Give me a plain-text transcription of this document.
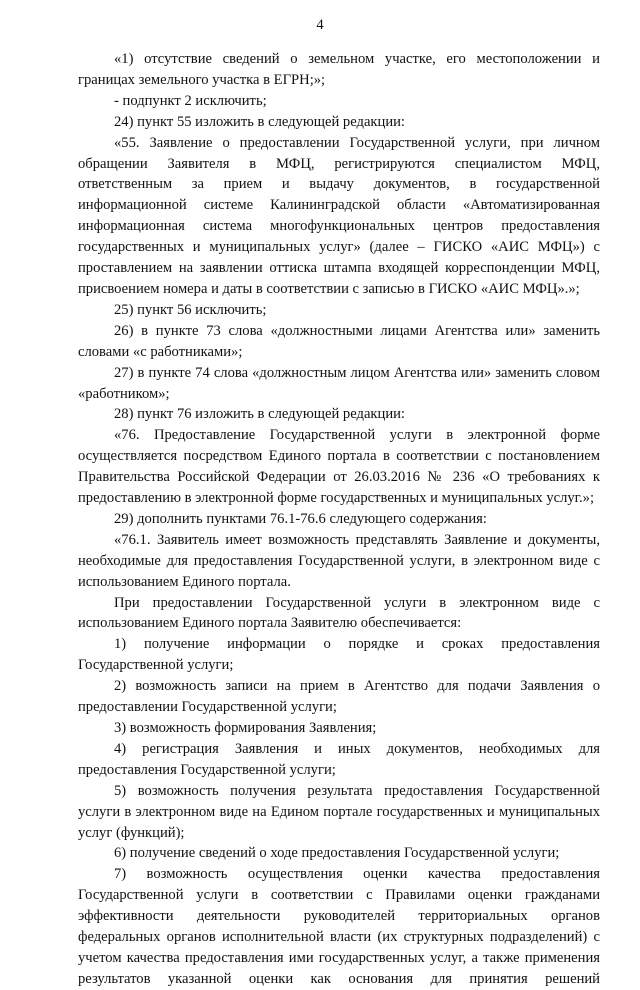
4

«1) отсутствие сведений о земельном участке, его местоположении и границах земельного участка в ЕГРН;»;

- подпункт 2 исключить;

24) пункт 55 изложить в следующей редакции:

«55. Заявление о предоставлении Государственной услуги, при личном обращении Заявителя в МФЦ, регистрируются специалистом МФЦ, ответственным за прием и выдачу документов, в государственной информационной системе Калининградской области «Автоматизированная информационная система многофункциональных центров предоставления государственных и муниципальных услуг» (далее – ГИСКО «АИС МФЦ») с проставлением на заявлении оттиска штампа входящей корреспонденции МФЦ, присвоением номера и даты в соответствии с записью в ГИСКО «АИС МФЦ».»;

25) пункт 56 исключить;

26) в пункте 73 слова «должностными лицами Агентства или» заменить словами «с работниками»;

27) в пункте 74 слова «должностным лицом Агентства или» заменить словом «работником»;

28) пункт 76 изложить в следующей редакции:

«76. Предоставление Государственной услуги в электронной форме осуществляется посредством Единого портала в соответствии с постановлением Правительства Российской Федерации от 26.03.2016 № 236 «О требованиях к предоставлению в электронной форме государственных и муниципальных услуг.»;

29) дополнить пунктами 76.1-76.6 следующего содержания:

«76.1. Заявитель имеет возможность представлять Заявление и документы, необходимые для предоставления Государственной услуги, в электронном виде с использованием Единого портала.

При предоставлении Государственной услуги в электронном виде с использованием Единого портала Заявителю обеспечивается:

1) получение информации о порядке и сроках предоставления Государственной услуги;

2) возможность записи на прием в Агентство для подачи Заявления о предоставлении Государственной услуги;

3) возможность формирования Заявления;

4) регистрация Заявления и иных документов, необходимых для предоставления Государственной услуги;

5) возможность получения результата предоставления Государственной услуги в электронном виде на Едином портале государственных и муниципальных услуг (функций);

6) получение сведений о ходе предоставления Государственной услуги;

7) возможность осуществления оценки качества предоставления Государственной услуги в соответствии с Правилами оценки гражданами эффективности деятельности руководителей территориальных органов федеральных органов исполнительной власти (их структурных подразделений) с учетом качества предоставления ими государственных услуг, а также применения результатов указанной оценки как основания для принятия решений
